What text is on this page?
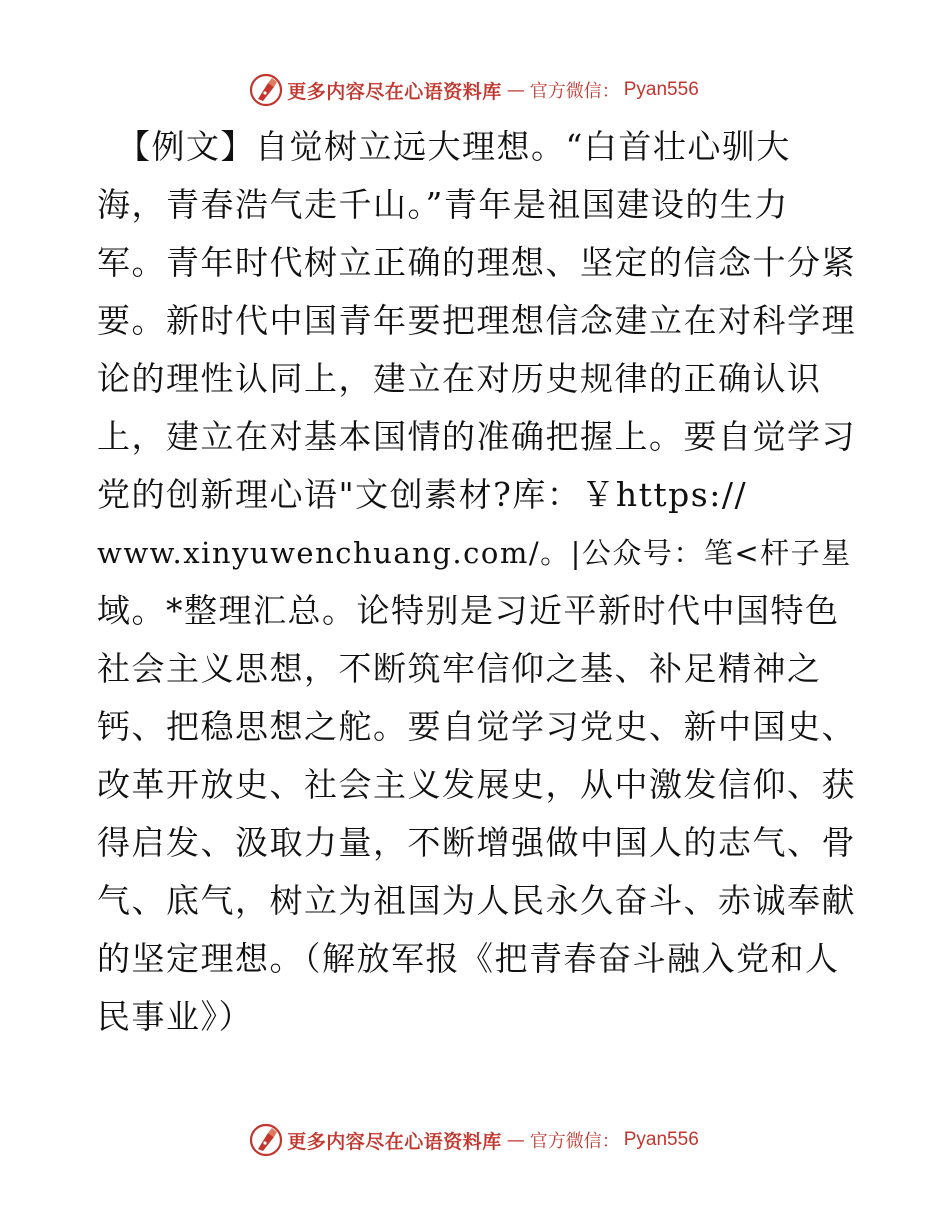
更多内容尽在心语资料库 — 官方微信： Pyan556
【例文】自觉树立远大理想。“白首壮心驯大
海，青春浩气走千山。”青年是祖国建设的生力
军。青年时代树立正确的理想、坚定的信念十分紧
要。新时代中国青年要把理想信念建立在对科学理
论的理性认同上，建立在对历史规律的正确认识
上，建立在对基本国情的准确把握上。要自觉学习
党的创新理心语"文创素材?库：￥https://
www.xinyuwenchuang.com/。|公众号：笔<杆子星
域。*整理汇总。论特别是习近平新时代中国特色
社会主义思想，不断筑牢信仰之基、补足精神之
钙、把稳思想之舵。要自觉学习党史、新中国史、
改革开放史、社会主义发展史，从中激发信仰、获
得启发、汲取力量，不断增强做中国人的志气、骨
气、底气，树立为祖国为人民永久奋斗、赤诚奉献
的坚定理想。（解放军报《把青春奋斗融入党和人
民事业》）
更多内容尽在心语资料库 — 官方微信： Pyan556
